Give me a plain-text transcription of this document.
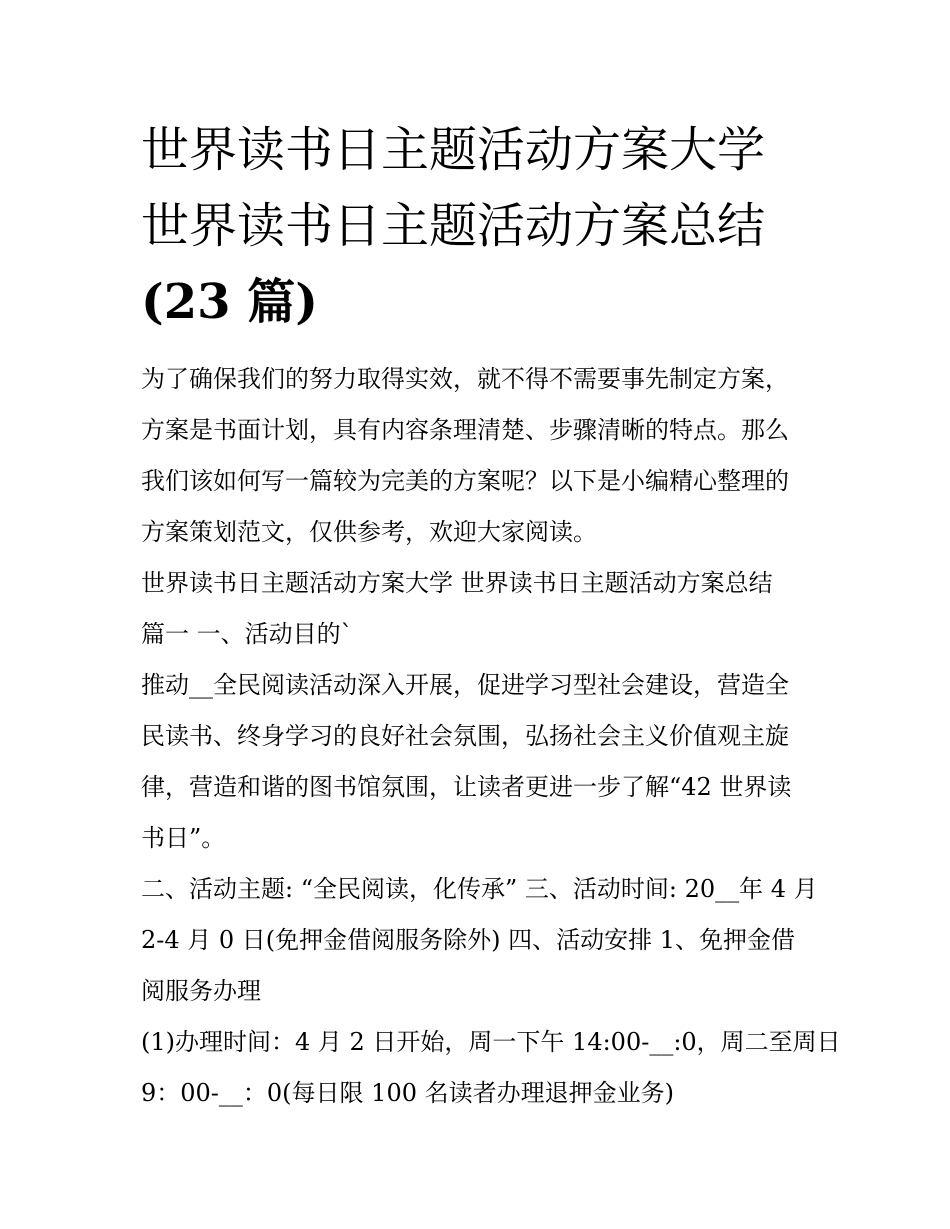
世界读书日主题活动方案大学
世界读书日主题活动方案总结
(23 篇)
为了确保我们的努力取得实效，就不得不需要事先制定方案，
方案是书面计划，具有内容条理清楚、步骤清晰的特点。那么
我们该如何写一篇较为完美的方案呢？以下是小编精心整理的
方案策划范文，仅供参考，欢迎大家阅读。
世界读书日主题活动方案大学 世界读书日主题活动方案总结
篇一 一、活动目的`
推动__全民阅读活动深入开展，促进学习型社会建设，营造全
民读书、终身学习的良好社会氛围，弘扬社会主义价值观主旋
律，营造和谐的图书馆氛围，让读者更进一步了解“42 世界读
书日”。
二、活动主题: “全民阅读，化传承” 三、活动时间: 20__年 4 月
2-4 月 0 日(免押金借阅服务除外) 四、活动安排 1、免押金借
阅服务办理
(1)办理时间：4 月 2 日开始，周一下午 14:00-__:0，周二至周日
9：00-__：0(每日限 100 名读者办理退押金业务)
